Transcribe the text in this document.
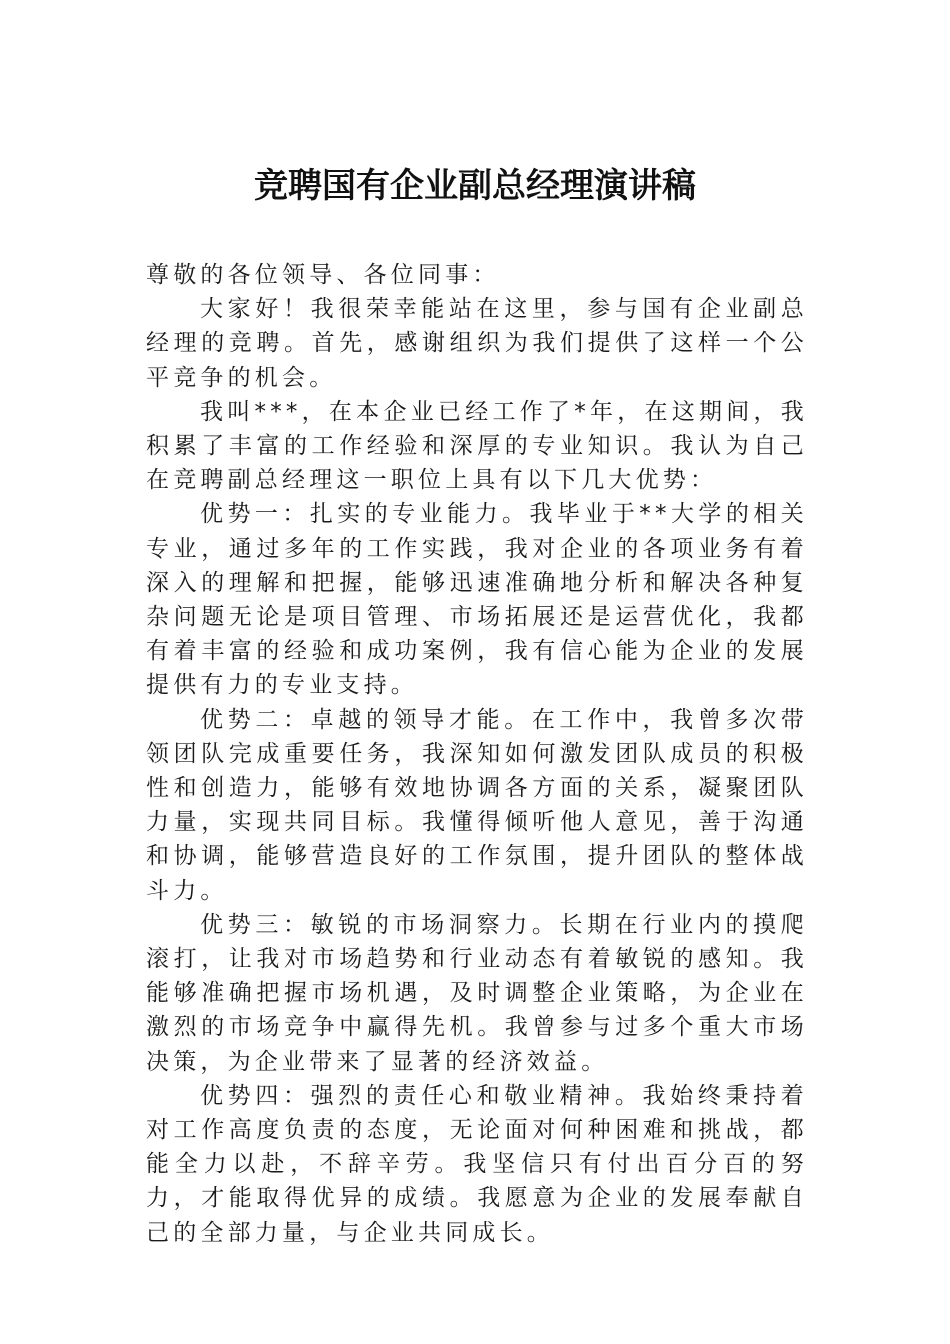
竞聘国有企业副总经理演讲稿

尊敬的各位领导、各位同事：

大家好！我很荣幸能站在这里，参与国有企业副总经理的竞聘。首先，感谢组织为我们提供了这样一个公平竞争的机会。

我叫***，在本企业已经工作了*年，在这期间，我积累了丰富的工作经验和深厚的专业知识。我认为自己在竞聘副总经理这一职位上具有以下几大优势：

优势一：扎实的专业能力。我毕业于**大学的相关专业，通过多年的工作实践，我对企业的各项业务有着深入的理解和把握，能够迅速准确地分析和解决各种复杂问题无论是项目管理、市场拓展还是运营优化，我都有着丰富的经验和成功案例，我有信心能为企业的发展提供有力的专业支持。

优势二：卓越的领导才能。在工作中，我曾多次带领团队完成重要任务，我深知如何激发团队成员的积极性和创造力，能够有效地协调各方面的关系，凝聚团队力量，实现共同目标。我懂得倾听他人意见，善于沟通和协调，能够营造良好的工作氛围，提升团队的整体战斗力。

优势三：敏锐的市场洞察力。长期在行业内的摸爬滚打，让我对市场趋势和行业动态有着敏锐的感知。我能够准确把握市场机遇，及时调整企业策略，为企业在激烈的市场竞争中赢得先机。我曾参与过多个重大市场决策，为企业带来了显著的经济效益。

优势四：强烈的责任心和敬业精神。我始终秉持着对工作高度负责的态度，无论面对何种困难和挑战，都能全力以赴，不辞辛劳。我坚信只有付出百分百的努力，才能取得优异的成绩。我愿意为企业的发展奉献自己的全部力量，与企业共同成长。
